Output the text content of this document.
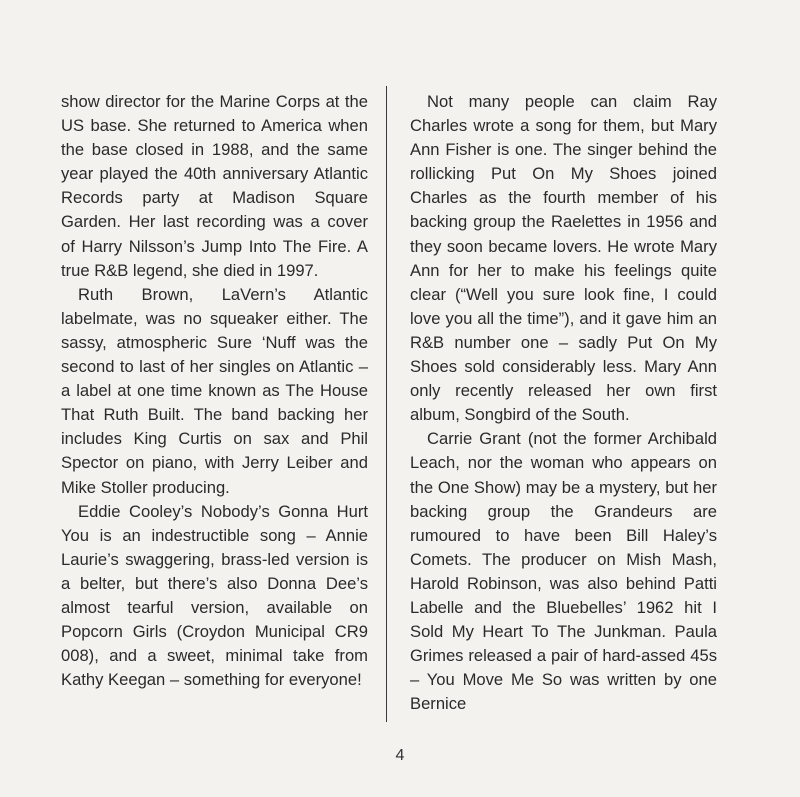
show director for the Marine Corps at the US base. She returned to America when the base closed in 1988, and the same year played the 40th anniversary Atlantic Records party at Madison Square Garden. Her last recording was a cover of Harry Nilsson’s Jump Into The Fire. A true R&B legend, she died in 1997.

Ruth Brown, LaVern’s Atlantic labelmate, was no squeaker either. The sassy, atmospheric Sure ‘Nuff was the second to last of her singles on Atlantic – a label at one time known as The House That Ruth Built. The band backing her includes King Curtis on sax and Phil Spector on piano, with Jerry Leiber and Mike Stoller producing.

Eddie Cooley’s Nobody’s Gonna Hurt You is an indestructible song – Annie Laurie’s swaggering, brass-led version is a belter, but there’s also Donna Dee’s almost tearful version, available on Popcorn Girls (Croydon Municipal CR9 008), and a sweet, minimal take from Kathy Keegan – something for everyone!

Not many people can claim Ray Charles wrote a song for them, but Mary Ann Fisher is one. The singer behind the rollicking Put On My Shoes joined Charles as the fourth member of his backing group the Raelettes in 1956 and they soon became lovers. He wrote Mary Ann for her to make his feelings quite clear (“Well you sure look fine, I could love you all the time”), and it gave him an R&B number one – sadly Put On My Shoes sold considerably less. Mary Ann only recently released her own first album, Songbird of the South.

Carrie Grant (not the former Archibald Leach, nor the woman who appears on the One Show) may be a mystery, but her backing group the Grandeurs are rumoured to have been Bill Haley’s Comets. The producer on Mish Mash, Harold Robinson, was also behind Patti Labelle and the Bluebelles’ 1962 hit I Sold My Heart To The Junkman. Paula Grimes released a pair of hard-assed 45s – You Move Me So was written by one Bernice

4
